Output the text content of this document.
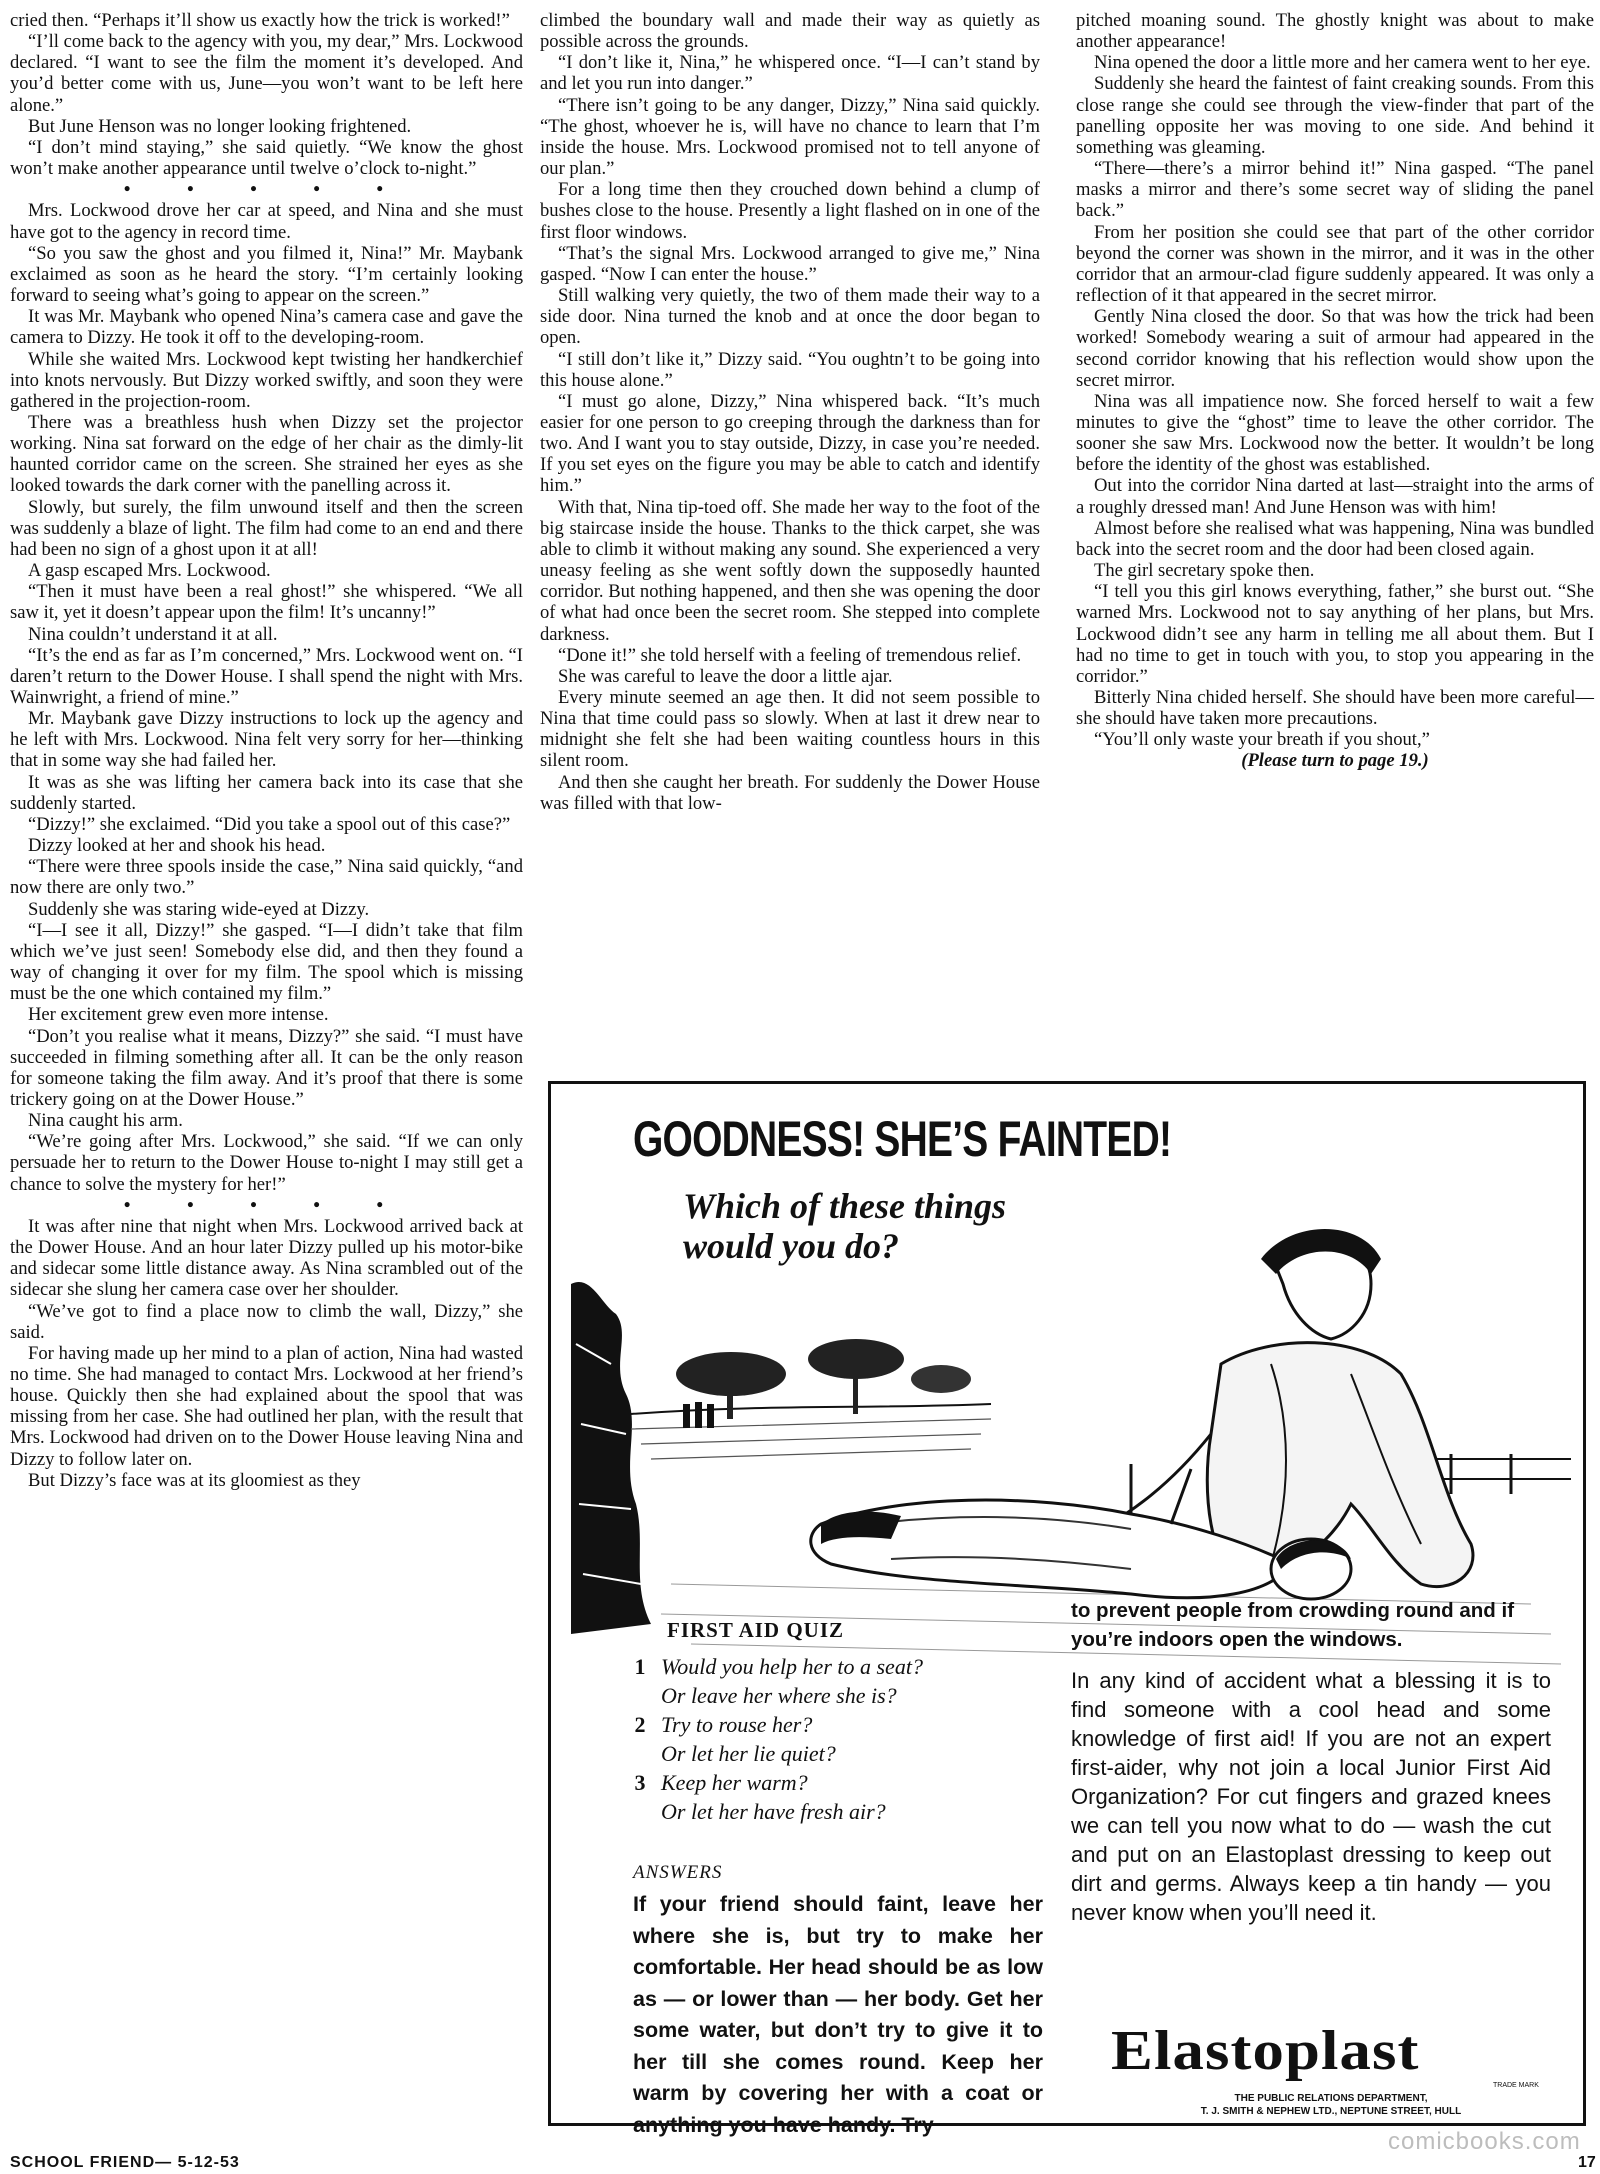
cried then. “Perhaps it’ll show us exactly how the trick is worked!”

“I’ll come back to the agency with you, my dear,” Mrs. Lockwood declared. “I want to see the film the moment it’s developed. And you’d better come with us, June—you won’t want to be left here alone.”

But June Henson was no longer looking frightened.

“I don’t mind staying,” she said quietly. “We know the ghost won’t make another appearance until twelve o’clock to-night.”

• • • • •

Mrs. Lockwood drove her car at speed, and Nina and she must have got to the agency in record time.

“So you saw the ghost and you filmed it, Nina!” Mr. Maybank exclaimed as soon as he heard the story. “I’m certainly looking forward to seeing what’s going to appear on the screen.”

It was Mr. Maybank who opened Nina’s camera case and gave the camera to Dizzy. He took it off to the developing-room.

While she waited Mrs. Lockwood kept twisting her handkerchief into knots nervously. But Dizzy worked swiftly, and soon they were gathered in the projection-room.

There was a breathless hush when Dizzy set the projector working. Nina sat forward on the edge of her chair as the dimly-lit haunted corridor came on the screen. She strained her eyes as she looked towards the dark corner with the panelling across it.

Slowly, but surely, the film unwound itself and then the screen was suddenly a blaze of light. The film had come to an end and there had been no sign of a ghost upon it at all!

A gasp escaped Mrs. Lockwood.

“Then it must have been a real ghost!” she whispered. “We all saw it, yet it doesn’t appear upon the film! It’s uncanny!”

Nina couldn’t understand it at all.

“It’s the end as far as I’m concerned,” Mrs. Lockwood went on. “I daren’t return to the Dower House. I shall spend the night with Mrs. Wainwright, a friend of mine.”

Mr. Maybank gave Dizzy instructions to lock up the agency and he left with Mrs. Lockwood. Nina felt very sorry for her—thinking that in some way she had failed her.

It was as she was lifting her camera back into its case that she suddenly started.

“Dizzy!” she exclaimed. “Did you take a spool out of this case?”

Dizzy looked at her and shook his head.

“There were three spools inside the case,” Nina said quickly, “and now there are only two.”

Suddenly she was staring wide-eyed at Dizzy.

“I—I see it all, Dizzy!” she gasped. “I—I didn’t take that film which we’ve just seen! Somebody else did, and then they found a way of changing it over for my film. The spool which is missing must be the one which contained my film.”

Her excitement grew even more intense.

“Don’t you realise what it means, Dizzy?” she said. “I must have succeeded in filming something after all. It can be the only reason for someone taking the film away. And it’s proof that there is some trickery going on at the Dower House.”

Nina caught his arm.

“We’re going after Mrs. Lockwood,” she said. “If we can only persuade her to return to the Dower House to-night I may still get a chance to solve the mystery for her!”

• • • • •

It was after nine that night when Mrs. Lockwood arrived back at the Dower House. And an hour later Dizzy pulled up his motor-bike and sidecar some little distance away. As Nina scrambled out of the sidecar she slung her camera case over her shoulder.

“We’ve got to find a place now to climb the wall, Dizzy,” she said.

For having made up her mind to a plan of action, Nina had wasted no time. She had managed to contact Mrs. Lockwood at her friend’s house. Quickly then she had explained about the spool that was missing from her case. She had outlined her plan, with the result that Mrs. Lockwood had driven on to the Dower House leaving Nina and Dizzy to follow later on.

But Dizzy’s face was at its gloomiest as they

climbed the boundary wall and made their way as quietly as possible across the grounds.

“I don’t like it, Nina,” he whispered once. “I—I can’t stand by and let you run into danger.”

“There isn’t going to be any danger, Dizzy,” Nina said quickly. “The ghost, whoever he is, will have no chance to learn that I’m inside the house. Mrs. Lockwood promised not to tell anyone of our plan.”

For a long time then they crouched down behind a clump of bushes close to the house. Presently a light flashed on in one of the first floor windows.

“That’s the signal Mrs. Lockwood arranged to give me,” Nina gasped. “Now I can enter the house.”

Still walking very quietly, the two of them made their way to a side door. Nina turned the knob and at once the door began to open.

“I still don’t like it,” Dizzy said. “You oughtn’t to be going into this house alone.”

“I must go alone, Dizzy,” Nina whispered back. “It’s much easier for one person to go creeping through the darkness than for two. And I want you to stay outside, Dizzy, in case you’re needed. If you set eyes on the figure you may be able to catch and identify him.”

With that, Nina tip-toed off. She made her way to the foot of the big staircase inside the house. Thanks to the thick carpet, she was able to climb it without making any sound. She experienced a very uneasy feeling as she went softly down the supposedly haunted corridor. But nothing happened, and then she was opening the door of what had once been the secret room. She stepped into complete darkness.

“Done it!” she told herself with a feeling of tremendous relief.

She was careful to leave the door a little ajar.

Every minute seemed an age then. It did not seem possible to Nina that time could pass so slowly. When at last it drew near to midnight she felt she had been waiting countless hours in this silent room.

And then she caught her breath. For suddenly the Dower House was filled with that low-

pitched moaning sound. The ghostly knight was about to make another appearance!

Nina opened the door a little more and her camera went to her eye.

Suddenly she heard the faintest of faint creaking sounds. From this close range she could see through the view-finder that part of the panelling opposite her was moving to one side. And behind it something was gleaming.

“There—there’s a mirror behind it!” Nina gasped. “The panel masks a mirror and there’s some secret way of sliding the panel back.”

From her position she could see that part of the other corridor beyond the corner was shown in the mirror, and it was in the other corridor that an armour-clad figure suddenly appeared. It was only a reflection of it that appeared in the secret mirror.

Gently Nina closed the door. So that was how the trick had been worked! Somebody wearing a suit of armour had appeared in the second corridor knowing that his reflection would show upon the secret mirror.

Nina was all impatience now. She forced herself to wait a few minutes to give the “ghost” time to leave the other corridor. The sooner she saw Mrs. Lockwood now the better. It wouldn’t be long before the identity of the ghost was established.

Out into the corridor Nina darted at last—straight into the arms of a roughly dressed man! And June Henson was with him!

Almost before she realised what was happening, Nina was bundled back into the secret room and the door had been closed again.

The girl secretary spoke then.

“I tell you this girl knows everything, father,” she burst out. “She warned Mrs. Lockwood not to say anything of her plans, but Mrs. Lockwood didn’t see any harm in telling me all about them. But I had no time to get in touch with you, to stop you appearing in the corridor.”

Bitterly Nina chided herself. She should have been more careful—she should have taken more precautions.

“You’ll only waste your breath if you shout,”

(Please turn to page 19.)

GOODNESS! SHE’S FAINTED!
Which of these things
would you do?
FIRST AID QUIZ
1 Would you help her to a seat?
Or leave her where she is?
2 Try to rouse her?
Or let her lie quiet?
3 Keep her warm?
Or let her have fresh air?
ANSWERS
If your friend should faint, leave her where she is, but try to make her comfortable. Her head should be as low as — or lower than — her body. Get her some water, but don’t try to give it to her till she comes round. Keep her warm by covering her with a coat or anything you have handy. Try
to prevent people from crowding round and if you’re indoors open the windows.
In any kind of accident what a blessing it is to find someone with a cool head and some knowledge of first aid! If you are not an expert first-aider, why not join a local Junior First Aid Organization? For cut fingers and grazed knees we can tell you now what to do — wash the cut and put on an Elastoplast dressing to keep out dirt and germs. Always keep a tin handy — you never know when you’ll need it.
Elastoplast
TRADE MARK
THE PUBLIC RELATIONS DEPARTMENT,
T. J. SMITH & NEPHEW LTD., NEPTUNE STREET, HULL
SCHOOL FRIEND— 5-12-53	17
comicbooks.com
